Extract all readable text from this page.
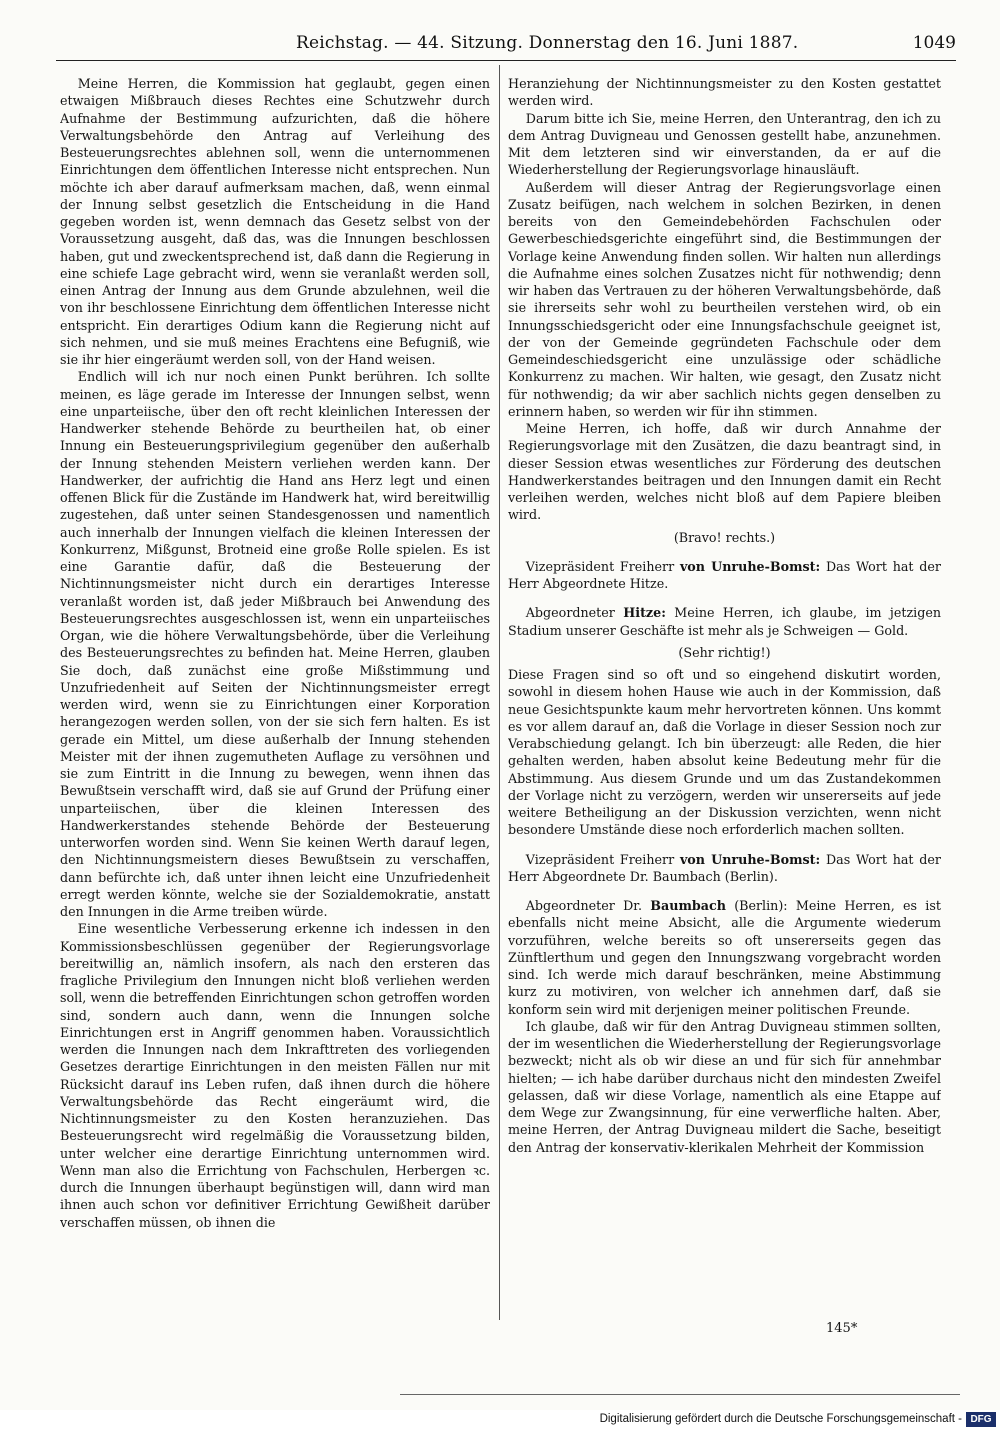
Reichstag. — 44. Sitzung. Donnerstag den 16. Juni 1887.	1049

Meine Herren, die Kommission hat geglaubt, gegen einen etwaigen Mißbrauch dieses Rechtes eine Schutzwehr durch Aufnahme der Bestimmung aufzurichten, daß die höhere Verwaltungsbehörde den Antrag auf Verleihung des Besteuerungsrechtes ablehnen soll, wenn die unternommenen Einrichtungen dem öffentlichen Interesse nicht entsprechen. Nun möchte ich aber darauf aufmerksam machen, daß, wenn einmal der Innung selbst gesetzlich die Entscheidung in die Hand gegeben worden ist, wenn demnach das Gesetz selbst von der Voraussetzung ausgeht, daß das, was die Innungen beschlossen haben, gut und zweckentsprechend ist, daß dann die Regierung in eine schiefe Lage gebracht wird, wenn sie veranlaßt werden soll, einen Antrag der Innung aus dem Grunde abzulehnen, weil die von ihr beschlossene Einrichtung dem öffentlichen Interesse nicht entspricht. Ein derartiges Odium kann die Regierung nicht auf sich nehmen, und sie muß meines Erachtens eine Befugniß, wie sie ihr hier eingeräumt werden soll, von der Hand weisen.

Endlich will ich nur noch einen Punkt berühren. Ich sollte meinen, es läge gerade im Interesse der Innungen selbst, wenn eine unparteiische, über den oft recht kleinlichen Interessen der Handwerker stehende Behörde zu beurtheilen hat, ob einer Innung ein Besteuerungsprivilegium gegenüber den außerhalb der Innung stehenden Meistern verliehen werden kann. Der Handwerker, der aufrichtig die Hand ans Herz legt und einen offenen Blick für die Zustände im Handwerk hat, wird bereitwillig zugestehen, daß unter seinen Standesgenossen und namentlich auch innerhalb der Innungen vielfach die kleinen Interessen der Konkurrenz, Mißgunst, Brotneid eine große Rolle spielen. Es ist eine Garantie dafür, daß die Besteuerung der Nichtinnungsmeister nicht durch ein derartiges Interesse veranlaßt worden ist, daß jeder Mißbrauch bei Anwendung des Besteuerungsrechtes ausgeschlossen ist, wenn ein unparteiisches Organ, wie die höhere Verwaltungsbehörde, über die Verleihung des Besteuerungsrechtes zu befinden hat. Meine Herren, glauben Sie doch, daß zunächst eine große Mißstimmung und Unzufriedenheit auf Seiten der Nichtinnungsmeister erregt werden wird, wenn sie zu Einrichtungen einer Korporation herangezogen werden sollen, von der sie sich fern halten. Es ist gerade ein Mittel, um diese außerhalb der Innung stehenden Meister mit der ihnen zugemutheten Auflage zu versöhnen und sie zum Eintritt in die Innung zu bewegen, wenn ihnen das Bewußtsein verschafft wird, daß sie auf Grund der Prüfung einer unparteiischen, über die kleinen Interessen des Handwerkerstandes stehende Behörde der Besteuerung unterworfen worden sind. Wenn Sie keinen Werth darauf legen, den Nichtinnungsmeistern dieses Bewußtsein zu verschaffen, dann befürchte ich, daß unter ihnen leicht eine Unzufriedenheit erregt werden könnte, welche sie der Sozialdemokratie, anstatt den Innungen in die Arme treiben würde.

Eine wesentliche Verbesserung erkenne ich indessen in den Kommissionsbeschlüssen gegenüber der Regierungsvorlage bereitwillig an, nämlich insofern, als nach den ersteren das fragliche Privilegium den Innungen nicht bloß verliehen werden soll, wenn die betreffenden Einrichtungen schon getroffen worden sind, sondern auch dann, wenn die Innungen solche Einrichtungen erst in Angriff genommen haben. Voraussichtlich werden die Innungen nach dem Inkrafttreten des vorliegenden Gesetzes derartige Einrichtungen in den meisten Fällen nur mit Rücksicht darauf ins Leben rufen, daß ihnen durch die höhere Verwaltungsbehörde das Recht eingeräumt wird, die Nichtinnungsmeister zu den Kosten heranzuziehen. Das Besteuerungsrecht wird regelmäßig die Voraussetzung bilden, unter welcher eine derartige Einrichtung unternommen wird. Wenn man also die Errichtung von Fachschulen, Herbergen ꝛc. durch die Innungen überhaupt begünstigen will, dann wird man ihnen auch schon vor definitiver Errichtung Gewißheit darüber verschaffen müssen, ob ihnen die

Heranziehung der Nichtinnungsmeister zu den Kosten gestattet werden wird.

Darum bitte ich Sie, meine Herren, den Unterantrag, den ich zu dem Antrag Duvigneau und Genossen gestellt habe, anzunehmen. Mit dem letzteren sind wir einverstanden, da er auf die Wiederherstellung der Regierungsvorlage hinausläuft.

Außerdem will dieser Antrag der Regierungsvorlage einen Zusatz beifügen, nach welchem in solchen Bezirken, in denen bereits von den Gemeindebehörden Fachschulen oder Gewerbeschiedsgerichte eingeführt sind, die Bestimmungen der Vorlage keine Anwendung finden sollen. Wir halten nun allerdings die Aufnahme eines solchen Zusatzes nicht für nothwendig; denn wir haben das Vertrauen zu der höheren Verwaltungsbehörde, daß sie ihrerseits sehr wohl zu beurtheilen verstehen wird, ob ein Innungsschiedsgericht oder eine Innungsfachschule geeignet ist, der von der Gemeinde gegründeten Fachschule oder dem Gemeindeschiedsgericht eine unzulässige oder schädliche Konkurrenz zu machen. Wir halten, wie gesagt, den Zusatz nicht für nothwendig; da wir aber sachlich nichts gegen denselben zu erinnern haben, so werden wir für ihn stimmen.

Meine Herren, ich hoffe, daß wir durch Annahme der Regierungsvorlage mit den Zusätzen, die dazu beantragt sind, in dieser Session etwas wesentliches zur Förderung des deutschen Handwerkerstandes beitragen und den Innungen damit ein Recht verleihen werden, welches nicht bloß auf dem Papiere bleiben wird.

(Bravo! rechts.)

Vizepräsident Freiherr von Unruhe-Bomst: Das Wort hat der Herr Abgeordnete Hitze.

Abgeordneter Hitze: Meine Herren, ich glaube, im jetzigen Stadium unserer Geschäfte ist mehr als je Schweigen — Gold.

(Sehr richtig!)

Diese Fragen sind so oft und so eingehend diskutirt worden, sowohl in diesem hohen Hause wie auch in der Kommission, daß neue Gesichtspunkte kaum mehr hervortreten können. Uns kommt es vor allem darauf an, daß die Vorlage in dieser Session noch zur Verabschiedung gelangt. Ich bin überzeugt: alle Reden, die hier gehalten werden, haben absolut keine Bedeutung mehr für die Abstimmung. Aus diesem Grunde und um das Zustandekommen der Vorlage nicht zu verzögern, werden wir unsererseits auf jede weitere Betheiligung an der Diskussion verzichten, wenn nicht besondere Umstände diese noch erforderlich machen sollten.

Vizepräsident Freiherr von Unruhe-Bomst: Das Wort hat der Herr Abgeordnete Dr. Baumbach (Berlin).

Abgeordneter Dr. Baumbach (Berlin): Meine Herren, es ist ebenfalls nicht meine Absicht, alle die Argumente wiederum vorzuführen, welche bereits so oft unsererseits gegen das Zünftlerthum und gegen den Innungszwang vorgebracht worden sind. Ich werde mich darauf beschränken, meine Abstimmung kurz zu motiviren, von welcher ich annehmen darf, daß sie konform sein wird mit derjenigen meiner politischen Freunde.

Ich glaube, daß wir für den Antrag Duvigneau stimmen sollten, der im wesentlichen die Wiederherstellung der Regierungsvorlage bezweckt; nicht als ob wir diese an und für sich für annehmbar hielten; — ich habe darüber durchaus nicht den mindesten Zweifel gelassen, daß wir diese Vorlage, namentlich als eine Etappe auf dem Wege zur Zwangsinnung, für eine verwerfliche halten. Aber, meine Herren, der Antrag Duvigneau mildert die Sache, beseitigt den Antrag der konservativ-klerikalen Mehrheit der Kommission

145*
Digitalisierung gefördert durch die Deutsche Forschungsgemeinschaft - DFG
